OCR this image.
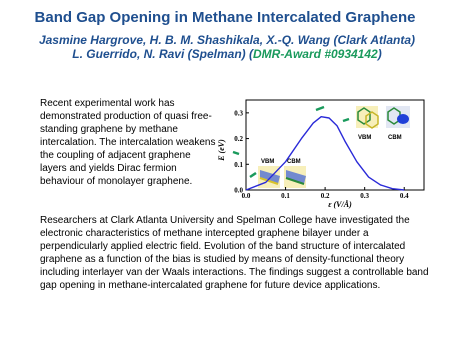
Band Gap Opening in Methane Intercalated Graphene
Jasmine Hargrove, H. B. M. Shashikala, X.-Q. Wang (Clark Atlanta) L. Guerrido, N. Ravi (Spelman) (DMR-Award #0934142)
Recent experimental work has demonstrated production of quasi free-standing graphene by methane intercalation. The intercalation weakens the coupling of adjacent graphene layers and yields Dirac fermion behaviour of monolayer graphene.
VBM	CBM
VBM CBM
E (eV)
ε (V/Å)
0.0	0.1	0.2	0.3	0.4
0.0
0.1
0.2
0.3
Researchers at Clark Atlanta University and Spelman College have investigated the electronic characteristics of methane intercepted graphene bilayer under a perpendicularly applied electric field. Evolution of the band structure of intercalated graphene as a function of the bias is studied by means of density-functional theory including interlayer van der Waals interactions. The findings suggest a controllable band gap opening in methane-intercalated graphene for future device applications.
